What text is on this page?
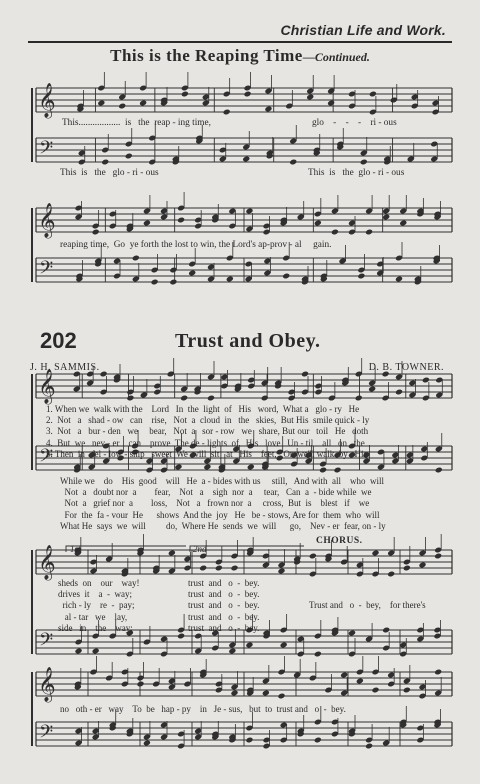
Christian Life and Work.
This is the Reaping Time—Continued.
𝄞
𝄢
𝄞
𝄢
𝄞
𝄢
𝄞
𝄢
𝄞
𝄢
This..................  is   the  reap - ing time,	glo    -    -    -    ri - ous
This  is   the   glo - ri - ous	This  is   the  glo - ri - ous
reaping time,  Go  ye forth the lost to win, the Lord's ap-prov - al     gain.
202	Trust and Obey.
J. H. SAMMIS.	D. B. TOWNER.
1. When we  walk with the    Lord   In  the  light  of   His   word,  What a   glo - ry   He
2.  Not   a   shad - ow   can    rise,   Not  a  cloud  in   the   skies,  But His  smile quick - ly
3.  Not   a   bur - den   we     bear,   Not  a   sor - row   we   share, But our   toil   He   doth
4.  But  we   nev - er    can    prove  The de - lights  of   His   love   Un - til    all   on   the
5. Then  in   fel - low - ship   sweet  We  will  sit   at   His    feet,   Or  we'll walk  by   His
While we    do    His  good    will   He  a - bides with us     still,   And with  all    who  will
Not  a   doubt nor  a        fear,    Not   a    sigh  nor  a     tear,   Can  a  - bide while  we
Not  a   grief nor  a        loss,    Not   a   frown nor  a     cross,  But  is    blest   if    we
For  the  fa - vour  He      shows  And the  joy   He   be - stows, Are for  them  who  will
What He  says  we  will         do,  Where He  sends  we  will      go,    Nev - er  fear, on - ly
1st	2nd
CHORUS.
sheds  on    our    way!
drives  it    a  -  way;
rich - ly    re  -  pay;
al - tar   we    lay,
side   in    the    way;
trust  and   o  -  bey.
trust  and   o  -  bey.
trust  and   o  -  bey.
trust  and   o  -  bey.
trust  and   o  -  bey.
Trust and   o  -  bey,    for there's
no   oth - er   way    To  be   hap - py    in   Je - sus,   but  to  trust and   o  -  bey.
